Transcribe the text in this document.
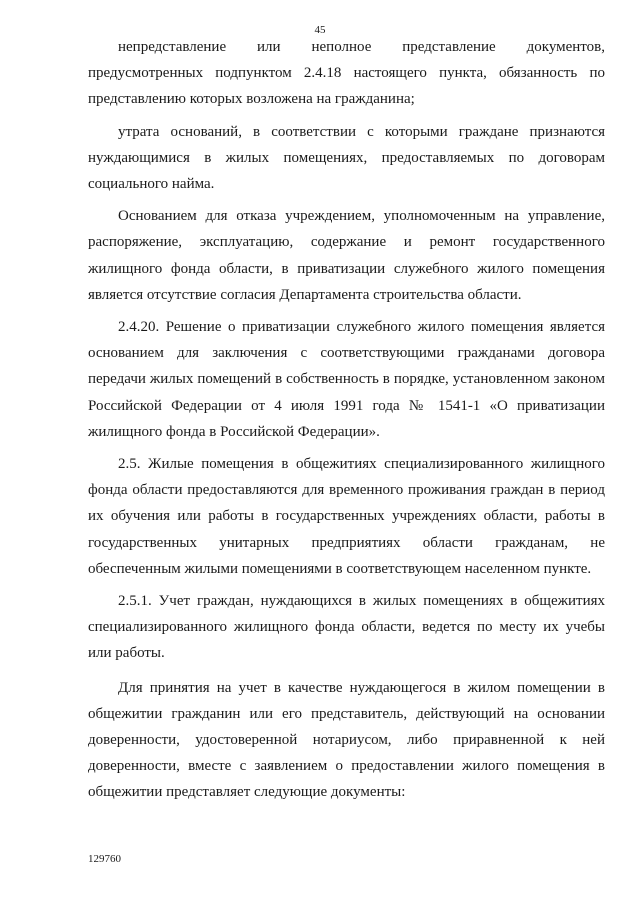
45

непредставление или неполное представление документов, предусмотренных подпунктом 2.4.18 настоящего пункта, обязанность по представлению которых возложена на гражданина;

утрата оснований, в соответствии с которыми граждане признаются нуждающимися в жилых помещениях, предоставляемых по договорам социального найма.

Основанием для отказа учреждением, уполномоченным на управление, распоряжение, эксплуатацию, содержание и ремонт государственного жилищного фонда области, в приватизации служебного жилого помещения является отсутствие согласия Департамента строительства области.

2.4.20. Решение о приватизации служебного жилого помещения является основанием для заключения с соответствующими гражданами договора передачи жилых помещений в собственность в порядке, установленном законом Российской Федерации от 4 июля 1991 года № 1541-1 «О приватизации жилищного фонда в Российской Федерации».

2.5. Жилые помещения в общежитиях специализированного жилищного фонда области предоставляются для временного проживания граждан в период их обучения или работы в государственных учреждениях области, работы в государственных унитарных предприятиях области гражданам, не обеспеченным жилыми помещениями в соответствующем населенном пункте.

2.5.1. Учет граждан, нуждающихся в жилых помещениях в общежитиях специализированного жилищного фонда области, ведется по месту их учебы или работы.

Для принятия на учет в качестве нуждающегося в жилом помещении в общежитии гражданин или его представитель, действующий на основании доверенности, удостоверенной нотариусом, либо приравненной к ней доверенности, вместе с заявлением о предоставлении жилого помещения в общежитии представляет следующие документы:

129760
